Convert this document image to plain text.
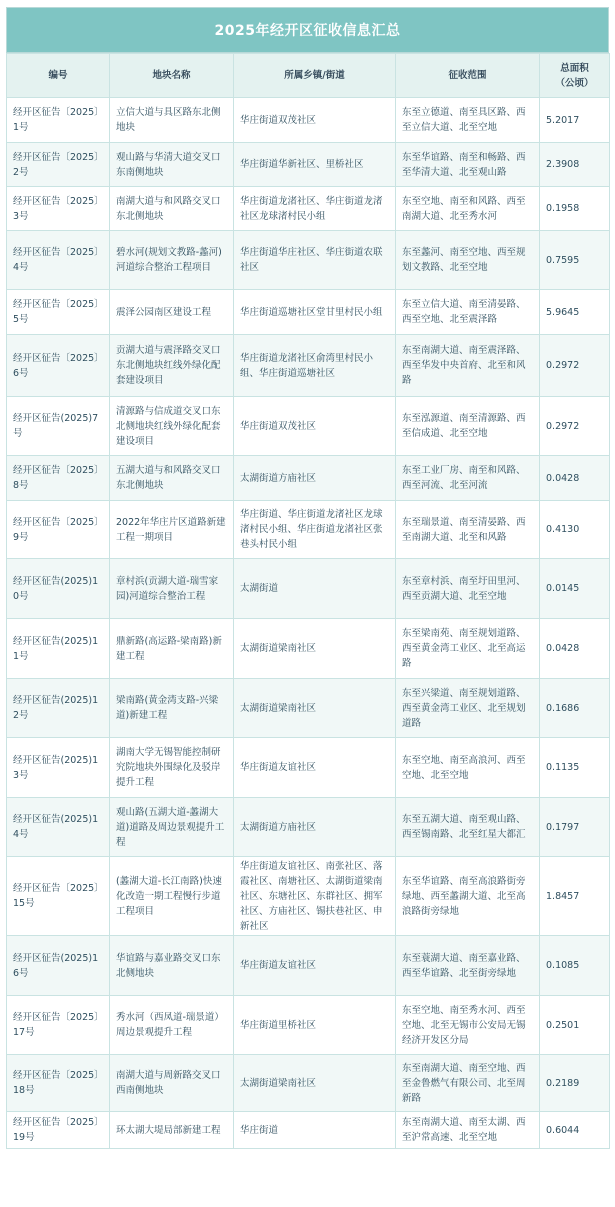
2025年经开区征收信息汇总
编号	地块名称	所属乡镇/街道	征收范围	总面积
（公顷）
经开区征告〔2025〕1号	立信大道与具区路东北侧地块	华庄街道双茂社区	东至立德道、南至具区路、西至立信大道、北至空地	5.2017
经开区征告〔2025〕2号	观山路与华清大道交叉口东南侧地块	华庄街道华新社区、里桥社区	东至华谊路、南至和畅路、西至华清大道、北至观山路	2.3908
经开区征告〔2025〕3号	南湖大道与和风路交叉口东北侧地块	华庄街道龙渚社区、华庄街道龙渚社区龙球渚村民小组	东至空地、南至和风路、西至南湖大道、北至秀水河	0.1958
经开区征告〔2025〕4号	碧水河(规划文教路-蠡河)河道综合整治工程项目	华庄街道华庄社区、华庄街道农联社区	东至蠡河、南至空地、西至规划文教路、北至空地	0.7595
经开区征告〔2025〕5号	震泽公园南区建设工程	华庄街道巡塘社区堂甘里村民小组	东至立信大道、南至清晏路、西至空地、北至震泽路	5.9645
经开区征告〔2025〕6号	贡湖大道与震泽路交叉口东北侧地块红线外绿化配套建设项目	华庄街道龙渚社区俞湾里村民小组、华庄街道巡塘社区	东至南湖大道、南至震泽路、西至华发中央首府、北至和风路	0.2972
经开区征告(2025)7号	清源路与信成道交叉口东北侧地块红线外绿化配套建设项目	华庄街道双茂社区	东至泓源道、南至清源路、西至信成道、北至空地	0.2972
经开区征告〔2025〕8号	五湖大道与和风路交叉口东北侧地块	太湖街道方庙社区	东至工业厂房、南至和风路、西至河流、北至河流	0.0428
经开区征告〔2025〕9号	2022年华庄片区道路新建工程一期项目	华庄街道、华庄街道龙渚社区龙球渚村民小组、华庄街道龙渚社区张巷头村民小组	东至瑞景道、南至清晏路、西至南湖大道、北至和风路	0.4130
经开区征告(2025)10号	章村浜(贡湖大道-瑞雪家园)河道综合整治工程	太湖街道	东至章村浜、南至圩田里河、西至贡湖大道、北至空地	0.0145
经开区征告(2025)11号	鼎新路(高运路-梁南路)新建工程	太湖街道梁南社区	东至梁南苑、南至规划道路、西至黄金湾工业区、北至高运路	0.0428
经开区征告(2025)12号	梁南路(黄金湾支路-兴梁道)新建工程	太湖街道梁南社区	东至兴梁道、南至规划道路、西至黄金湾工业区、北至规划道路	0.1686
经开区征告(2025)13号	湖南大学无锡智能控制研究院地块外围绿化及驳岸提升工程	华庄街道友谊社区	东至空地、南至高浪河、西至空地、北至空地	0.1135
经开区征告(2025)14号	观山路(五湖大道-蠡湖大道)道路及周边景观提升工程	太湖街道方庙社区	东至五湖大道、南至观山路、西至锡南路、北至红星大都汇	0.1797
经开区征告〔2025〕15号	(蠡湖大道-长江南路)快速化改造一期工程慢行步道工程项目	华庄街道友谊社区、南张社区、落霞社区、南塘社区、太湖街道梁南社区、东塘社区、东群社区、拥军社区、方庙社区、锡扶巷社区、申新社区	东至华谊路、南至高浪路街旁绿地、西至蠡湖大道、北至高浪路街旁绿地	1.8457
经开区征告(2025)16号	华谊路与嘉业路交叉口东北侧地块	华庄街道友谊社区	东至蓑湖大道、南至嘉业路、西至华谊路、北至街旁绿地	0.1085
经开区征告〔2025〕17号	秀水河（西凤道-瑞景道）周边景观提升工程	华庄街道里桥社区	东至空地、南至秀水河、西至空地、北至无锡市公安局无锡经济开发区分局	0.2501
经开区征告〔2025〕18号	南湖大道与周新路交叉口西南侧地块	太湖街道梁南社区	东至南湖大道、南至空地、西至金鲁燃气有限公司、北至周新路	0.2189
经开区征告〔2025〕19号	环太湖大堤局部新建工程	华庄街道	东至南湖大道、南至太湖、西至沪常高速、北至空地	0.6044
